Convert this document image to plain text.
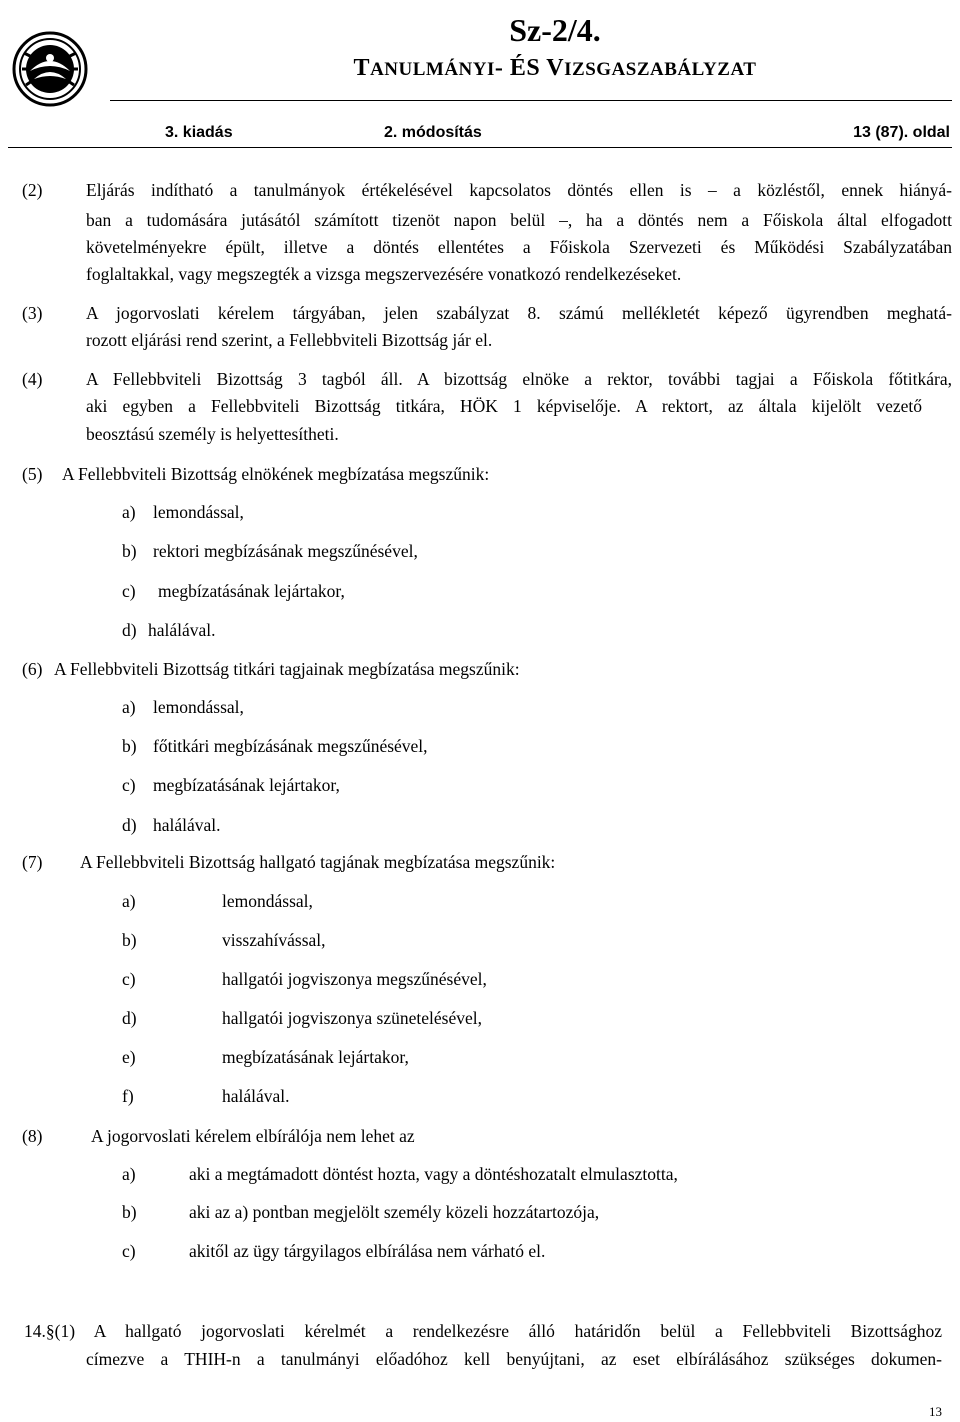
Sz-2/4.
TANULMÁNYI- ÉS VIZSGASZABÁLYZAT
3. kiadás	2. módosítás	13 (87). oldal
(2) Eljárás indítható a tanulmányok értékelésével kapcsolatos döntés ellen is – a közléstől, ennek hiányá-
ban a tudomására jutásától számított tizenöt napon belül –, ha a döntés nem a Főiskola által elfogadott
követelményekre épült, illetve a döntés ellentétes a Főiskola Szervezeti és Működési Szabályzatában
foglaltakkal, vagy megszegték a vizsga megszervezésére vonatkozó rendelkezéseket.
(3) A jogorvoslati kérelem tárgyában, jelen szabályzat 8. számú mellékletét képező ügyrendben meghatá-
rozott eljárási rend szerint, a Fellebbviteli Bizottság jár el.
(4) A Fellebbviteli Bizottság 3 tagból áll. A bizottság elnöke a rektor, további tagjai a Főiskola főtitkára,
aki egyben a Fellebbviteli Bizottság titkára, HÖK 1 képviselője. A rektort, az általa kijelölt vezető
beosztású személy is helyettesítheti.
(5) A Fellebbviteli Bizottság elnökének megbízatása megszűnik:
a) lemondással,
b) rektori megbízásának megszűnésével,
c) megbízatásának lejártakor,
d) halálával.
(6) A Fellebbviteli Bizottság titkári tagjainak megbízatása megszűnik:
a) lemondással,
b) főtitkári megbízásának megszűnésével,
c) megbízatásának lejártakor,
d) halálával.
(7) A Fellebbviteli Bizottság hallgató tagjának megbízatása megszűnik:
a)	lemondással,
b)	visszahívással,
c)	hallgatói jogviszonya megszűnésével,
d)	hallgatói jogviszonya szünetelésével,
e)	megbízatásának lejártakor,
f)	halálával.
(8)	A jogorvoslati kérelem elbírálója nem lehet az
a)	aki a megtámadott döntést hozta, vagy a döntéshozatalt elmulasztotta,
b)	aki az a) pontban megjelölt személy közeli hozzátartozója,
c)	akitől az ügy tárgyilagos elbírálása nem várható el.
14.§(1) A hallgató jogorvoslati kérelmét a rendelkezésre álló határidőn belül a Fellebbviteli Bizottsághoz
címezve a THIH-n a tanulmányi előadóhoz kell benyújtani, az eset elbírálásához szükséges dokumen-
13
